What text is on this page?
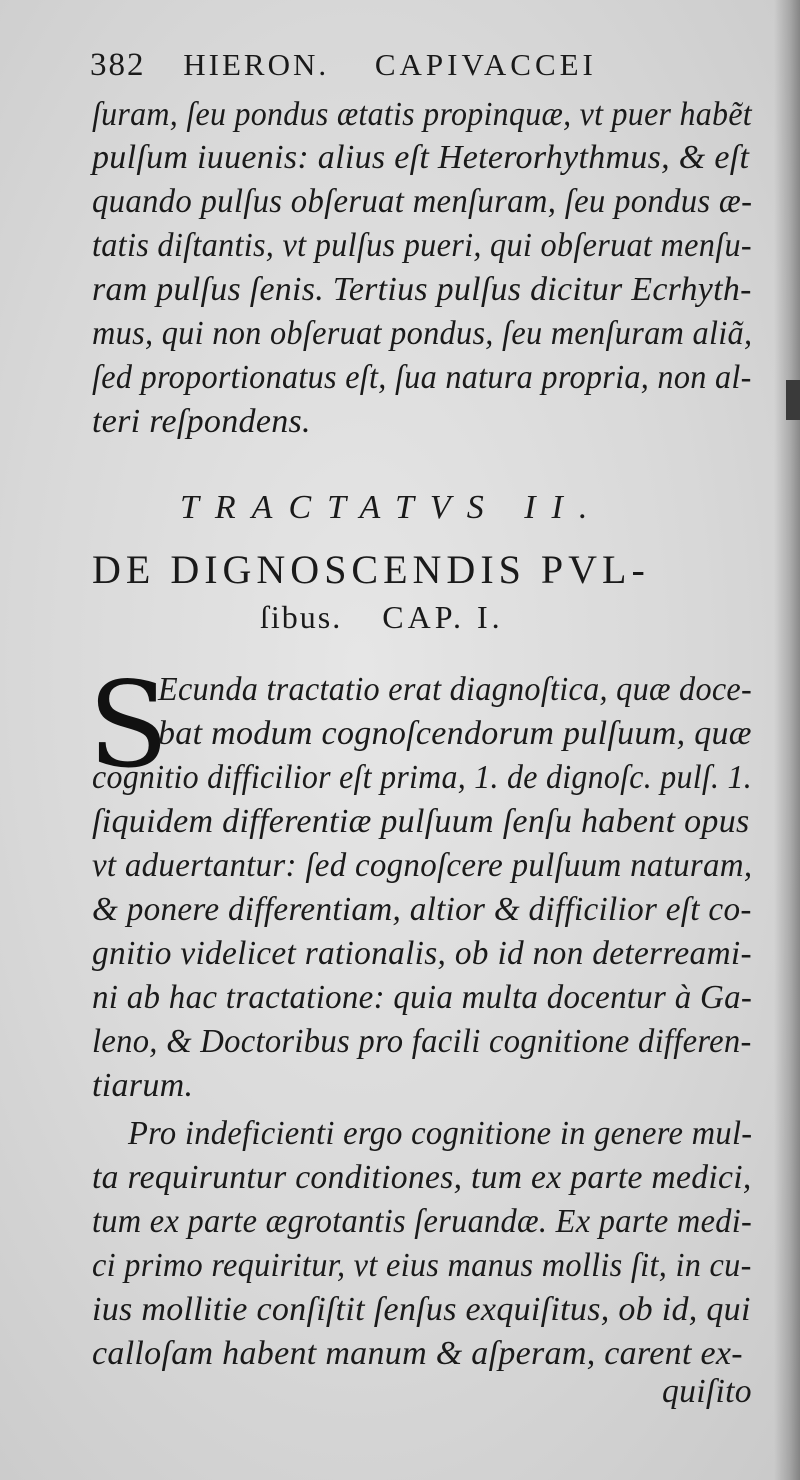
382 HIERON. CAPIVACCEI
ſuram, ſeu pondus ætatis propinquæ, vt puer habẽt
pulſum iuuenis: alius eſt Heterorhythmus, & eſt
quando pulſus obſeruat menſuram, ſeu pondus æ-
tatis diſtantis, vt pulſus pueri, qui obſeruat menſu-
ram pulſus ſenis. Tertius pulſus dicitur Ecrhyth-
mus, qui non obſeruat pondus, ſeu menſuram aliã,
ſed proportionatus eſt, ſua natura propria, non al-
teri reſpondens.
TRACTATVS II.
DE DIGNOSCENDIS PVL-
ſibus. CAP. I.
S
Ecunda tractatio erat diagnoſtica, quæ doce-
bat modum cognoſcendorum pulſuum, quæ
cognitio difficilior eſt prima, 1. de dignoſc. pulſ. 1.
ſiquidem differentiæ pulſuum ſenſu habent opus
vt aduertantur: ſed cognoſcere pulſuum naturam,
& ponere differentiam, altior & difficilior eſt co-
gnitio videlicet rationalis, ob id non deterreami-
ni ab hac tractatione: quia multa docentur à Ga-
leno, & Doctoribus pro facili cognitione differen-
tiarum.
Pro indeficienti ergo cognitione in genere mul-
ta requiruntur conditiones, tum ex parte medici,
tum ex parte ægrotantis ſeruandæ. Ex parte medi-
ci primo requiritur, vt eius manus mollis ſit, in cu-
ius mollitie conſiſtit ſenſus exquiſitus, ob id, qui
calloſam habent manum & aſperam, carent ex-
quiſito
